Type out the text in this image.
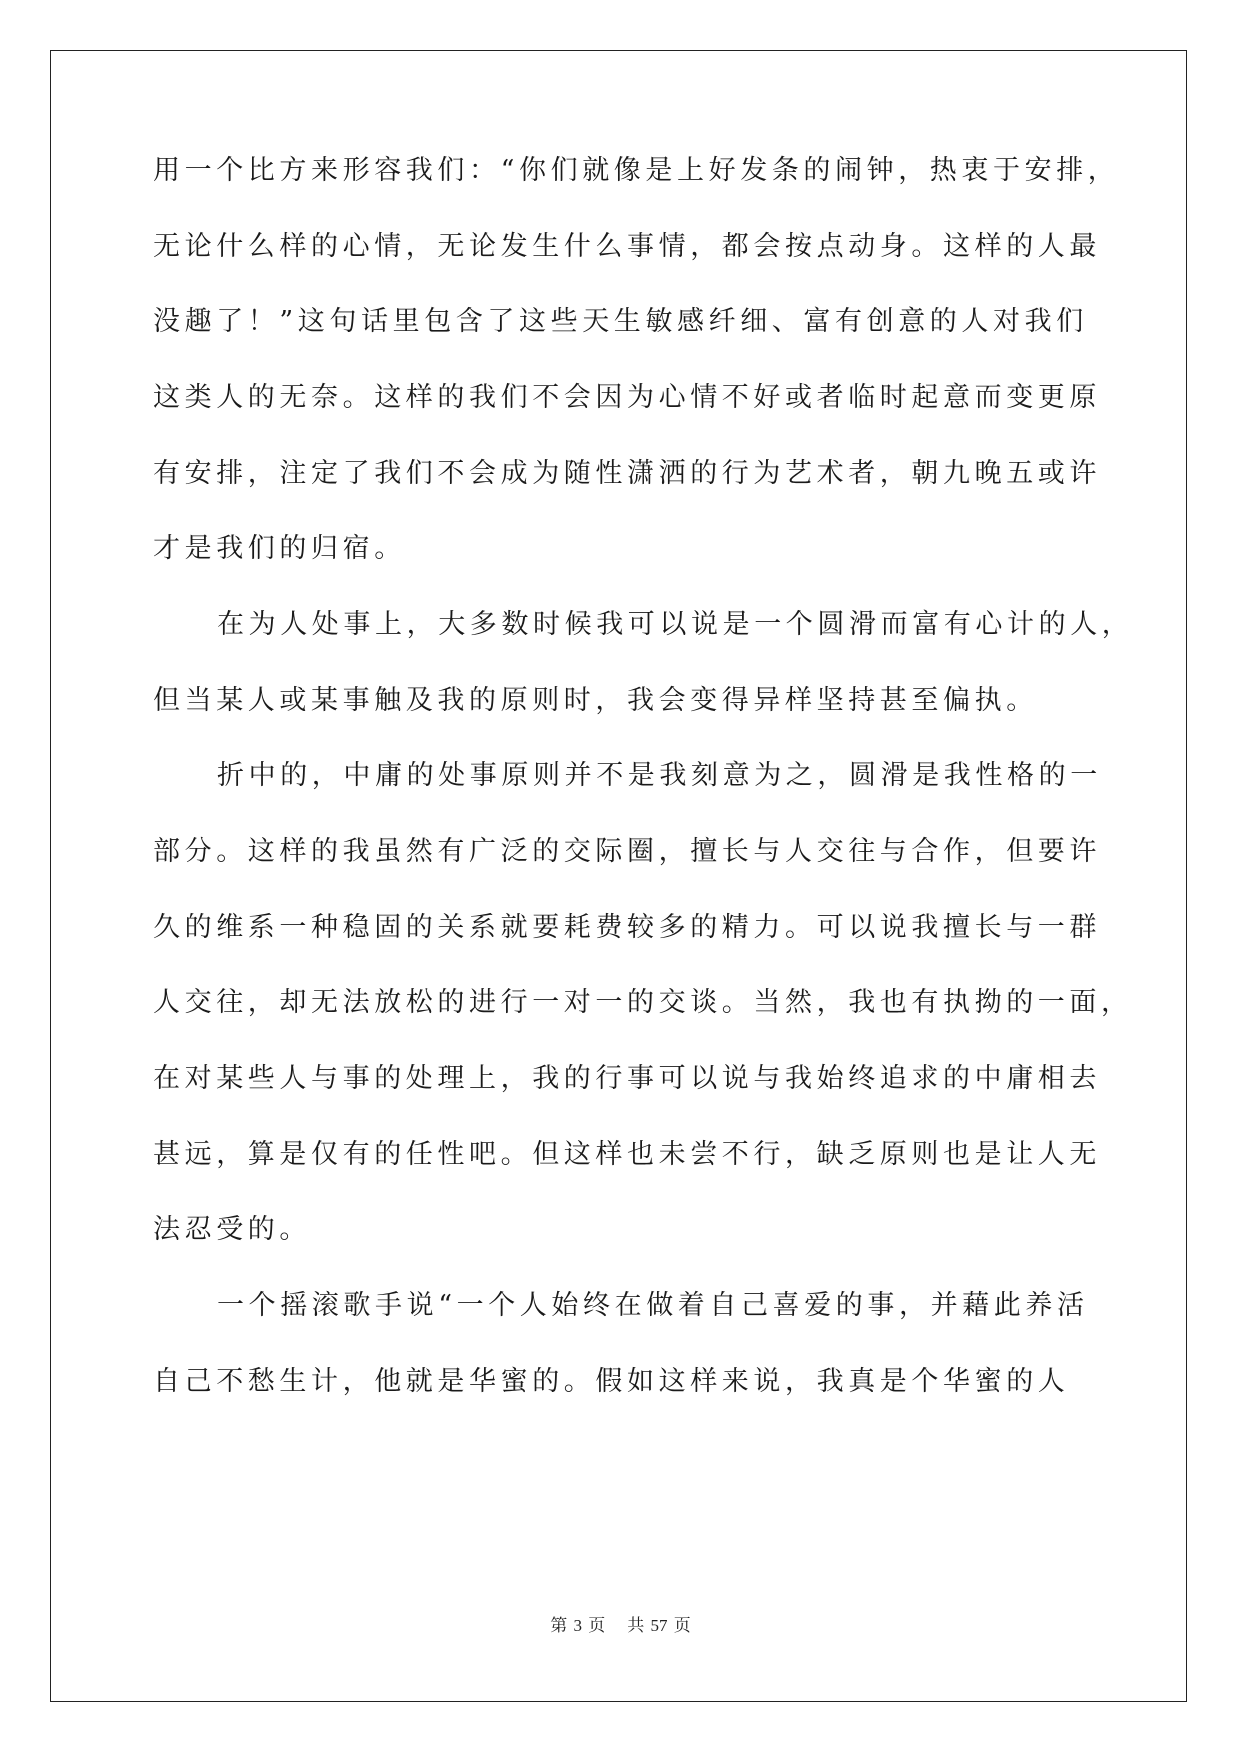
用一个比方来形容我们：“你们就像是上好发条的闹钟，热衷于安排，
无论什么样的心情，无论发生什么事情，都会按点动身。这样的人最
没趣了！”这句话里包含了这些天生敏感纤细、富有创意的人对我们
这类人的无奈。这样的我们不会因为心情不好或者临时起意而变更原
有安排，注定了我们不会成为随性潇洒的行为艺术者，朝九晚五或许
才是我们的归宿。
在为人处事上，大多数时候我可以说是一个圆滑而富有心计的人，
但当某人或某事触及我的原则时，我会变得异样坚持甚至偏执。
折中的，中庸的处事原则并不是我刻意为之，圆滑是我性格的一
部分。这样的我虽然有广泛的交际圈，擅长与人交往与合作，但要许
久的维系一种稳固的关系就要耗费较多的精力。可以说我擅长与一群
人交往，却无法放松的进行一对一的交谈。当然，我也有执拗的一面，
在对某些人与事的处理上，我的行事可以说与我始终追求的中庸相去
甚远，算是仅有的任性吧。但这样也未尝不行，缺乏原则也是让人无
法忍受的。
一个摇滚歌手说“一个人始终在做着自己喜爱的事，并藉此养活
自己不愁生计，他就是华蜜的。假如这样来说，我真是个华蜜的人
第 3 页 共 57 页
